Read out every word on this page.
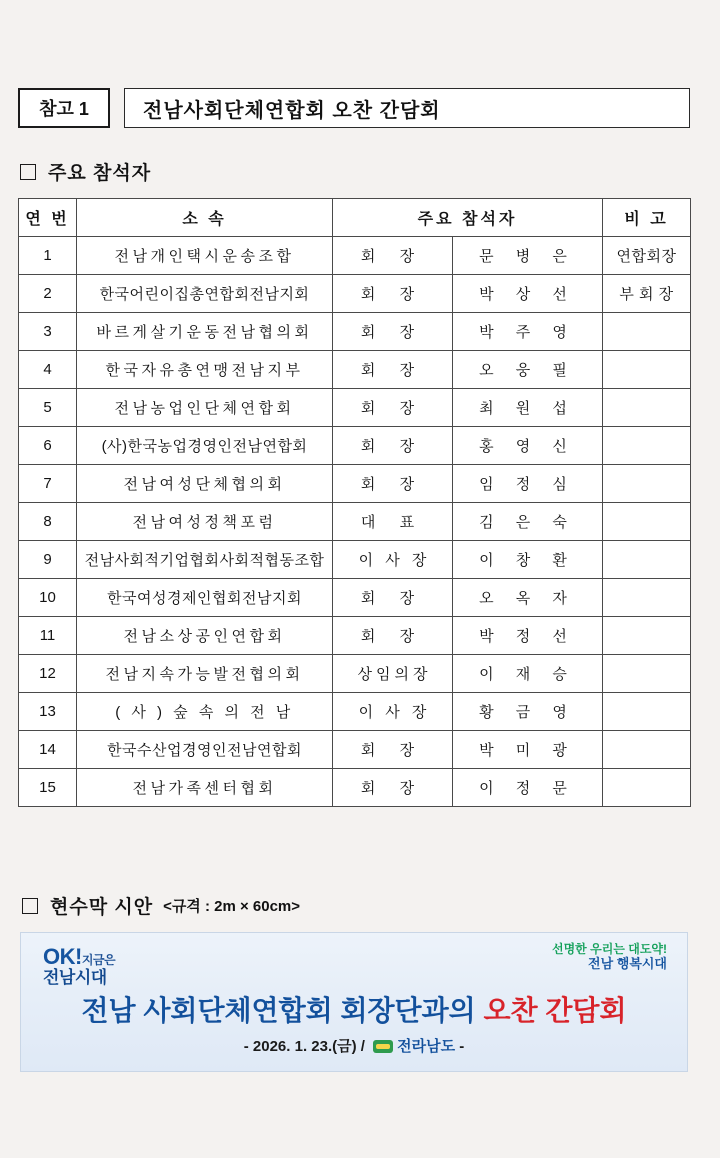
참고 1	전남사회단체연합회 오찬 간담회
주요 참석자
연 번	소 속	주요 참석자		비 고
1	전남개인택시운송조합	회 장	문 병 은	연합회장
2	한국어린이집총연합회전남지회	회 장	박 상 선	부 회 장
3	바르게살기운동전남협의회	회 장	박 주 영	
4	한국자유총연맹전남지부	회 장	오 웅 필	
5	전남농업인단체연합회	회 장	최 원 섭	
6	(사)한국농업경영인전남연합회	회 장	홍 영 신	
7	전남여성단체협의회	회 장	임 정 심	
8	전남여성정책포럼	대 표	김 은 숙	
9	전남사회적기업협회사회적협동조합	이 사 장	이 창 환	
10	한국여성경제인협회전남지회	회 장	오 옥 자	
11	전남소상공인연합회	회 장	박 정 선	
12	전남지속가능발전협의회	상임의장	이 재 승	
13	( 사 ) 숲 속 의 전 남	이 사 장	황 금 영	
14	한국수산업경영인전남연합회	회 장	박 미 광	
15	전남가족센터협회	회 장	이 정 문	
현수막 시안 <규격 : 2m × 60cm>
OK!지금은
전남시대
선명한 우리는 대도약!
전남 행복시대
전남 사회단체연합회 회장단과의 오찬 간담회
- 2026. 1. 23.(금) / 전라남도 -
